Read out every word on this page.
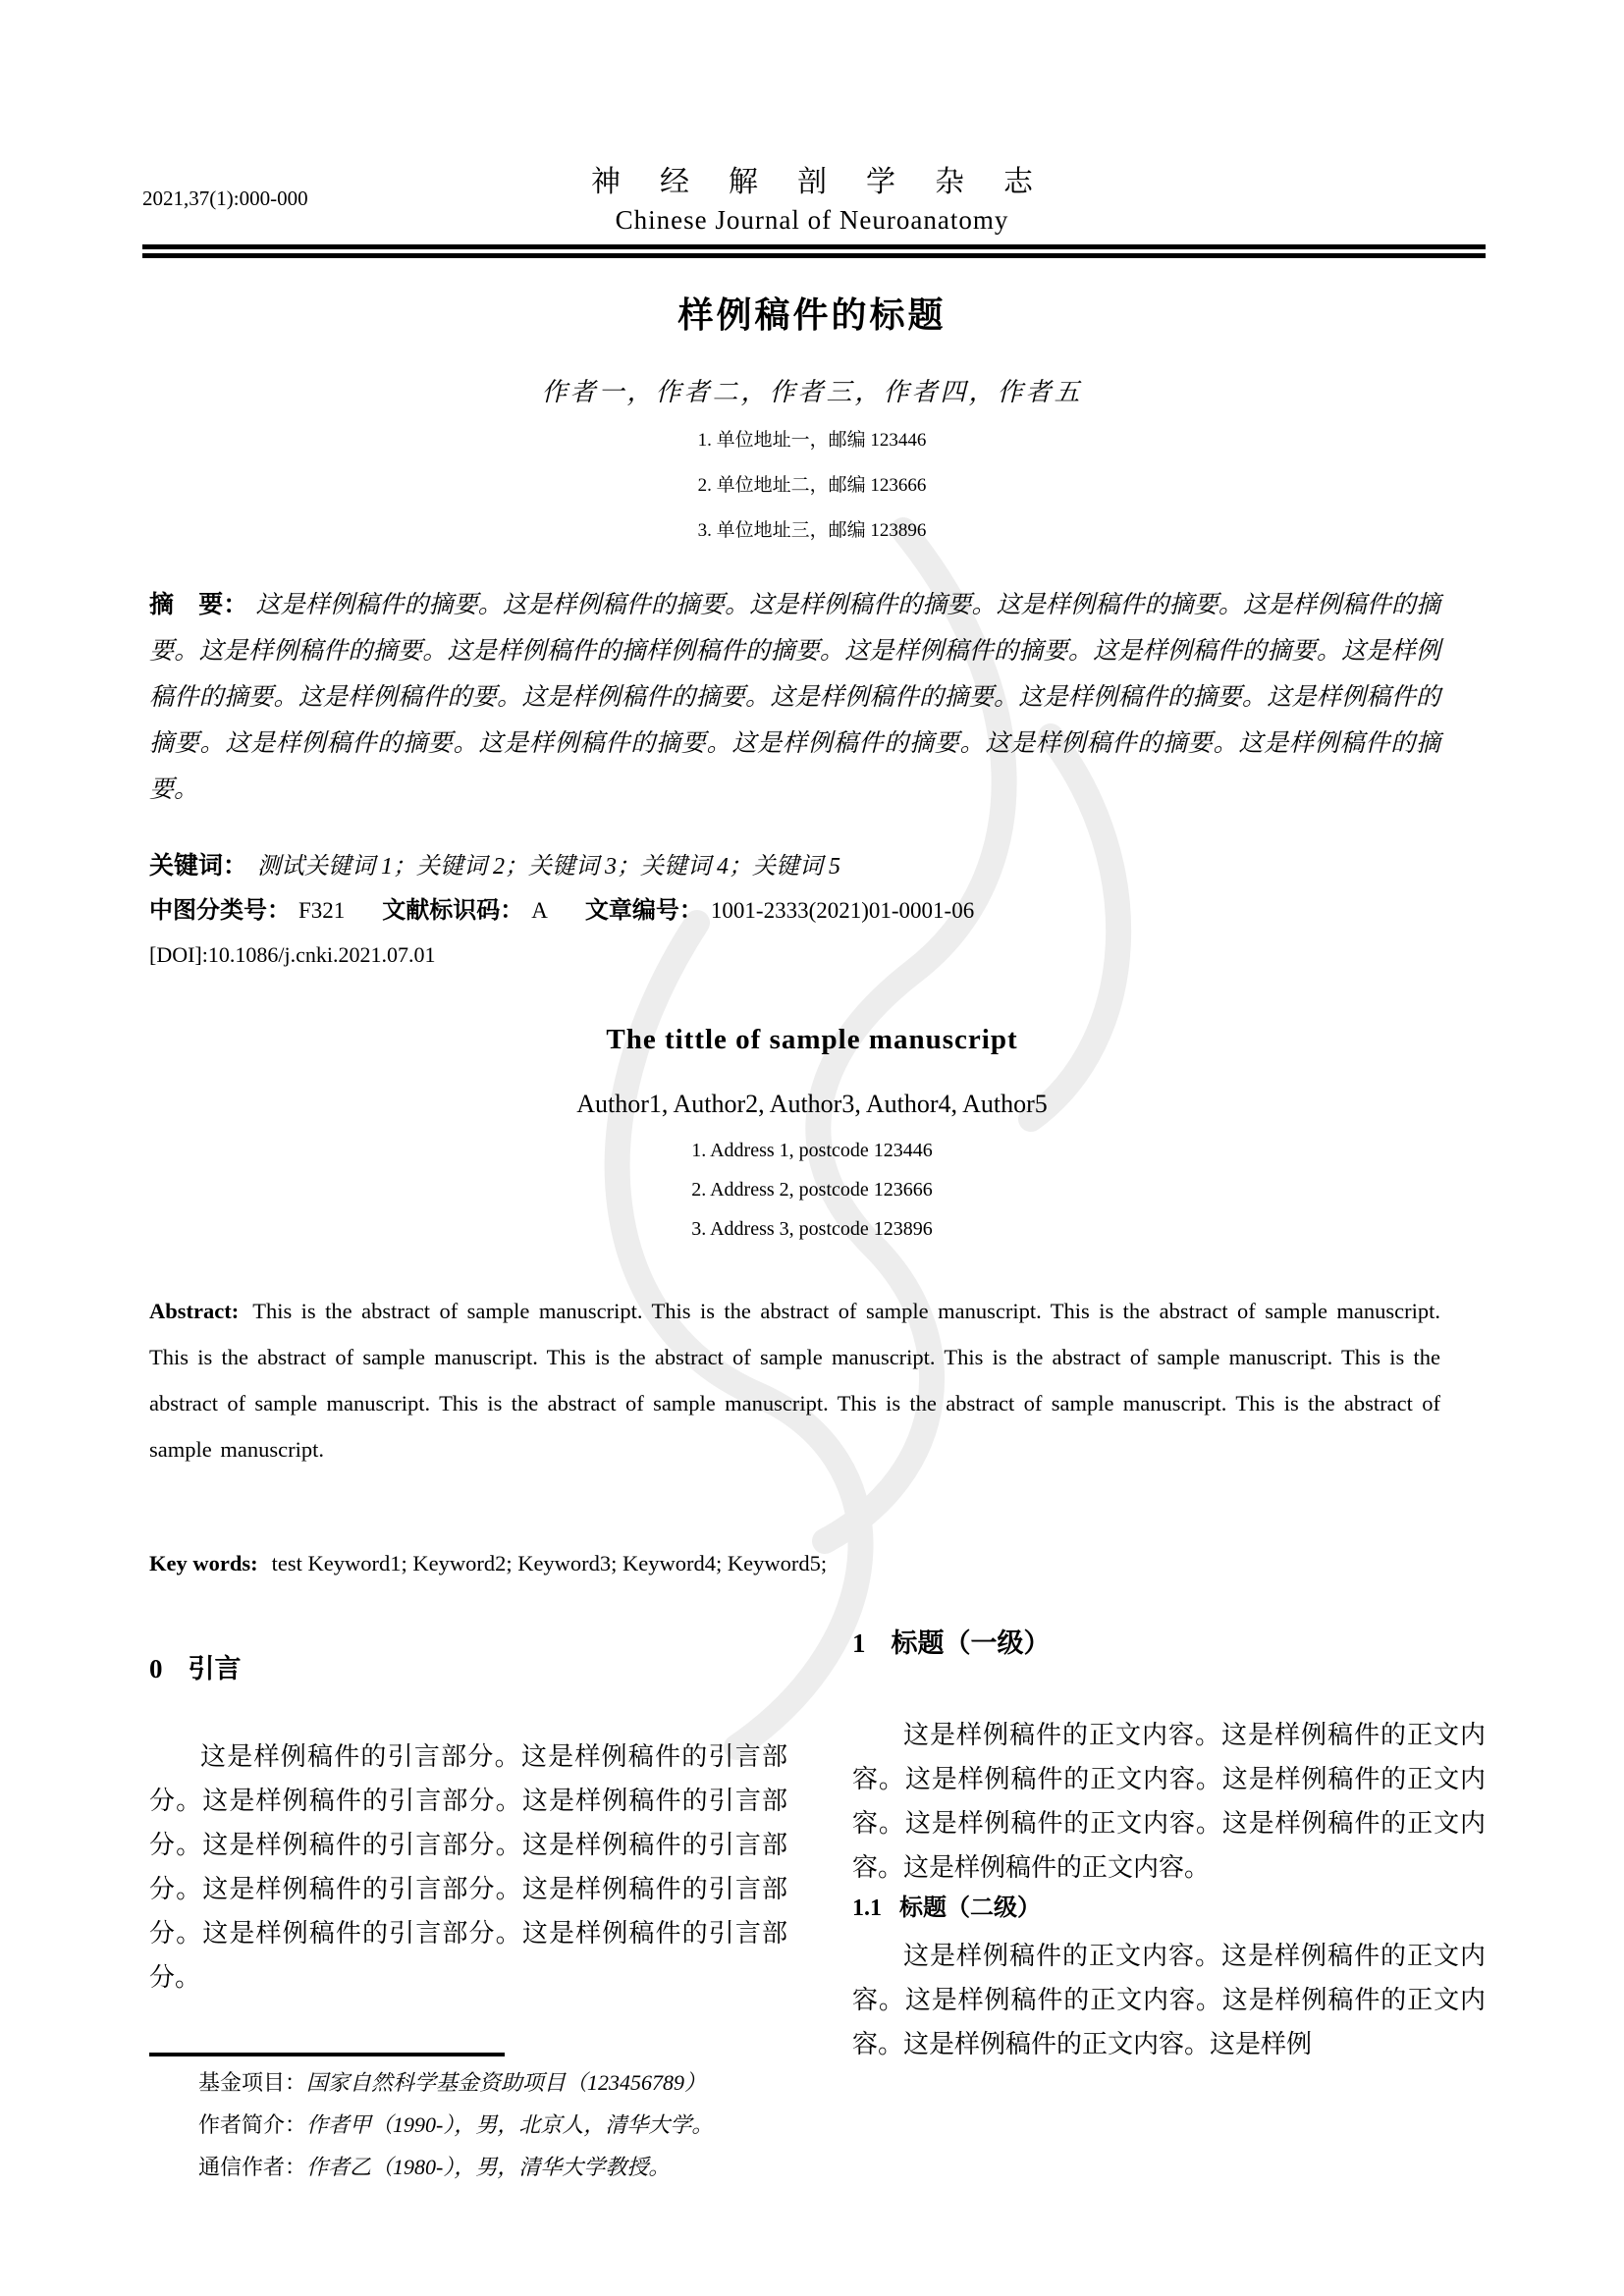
2021,37(1):000-000	神经解剖学杂志
Chinese Journal of Neuroanatomy
样例稿件的标题
作者一，作者二，作者三，作者四，作者五
1. 单位地址一，邮编 123446
2. 单位地址二，邮编 123666
3. 单位地址三，邮编 123896

摘　要： 这是样例稿件的摘要。这是样例稿件的摘要。这是样例稿件的摘要。这是样例稿件的摘要。这是样例稿件的摘要。这是样例稿件的摘要。这是样例稿件的摘样例稿件的摘要。这是样例稿件的摘要。这是样例稿件的摘要。这是样例稿件的摘要。这是样例稿件的要。这是样例稿件的摘要。这是样例稿件的摘要。这是样例稿件的摘要。这是样例稿件的摘要。这是样例稿件的摘要。这是样例稿件的摘要。这是样例稿件的摘要。这是样例稿件的摘要。这是样例稿件的摘要。

关键词： 测试关键词 1；关键词 2；关键词 3；关键词 4；关键词 5
中图分类号： F321 文献标识码： A 文章编号： 1001-2333(2021)01-0001-06
[DOI]:10.1086/j.cnki.2021.07.01
The tittle of sample manuscript
Author1, Author2, Author3, Author4, Author5
1. Address 1, postcode 123446
2. Address 2, postcode 123666
3. Address 3, postcode 123896

Abstract: This is the abstract of sample manuscript. This is the abstract of sample manuscript. This is the abstract of sample manuscript. This is the abstract of sample manuscript. This is the abstract of sample manuscript. This is the abstract of sample manuscript. This is the abstract of sample manuscript. This is the abstract of sample manuscript. This is the abstract of sample manuscript. This is the abstract of sample manuscript.

Key words: test Keyword1; Keyword2; Keyword3; Keyword4; Keyword5;
0 引言

这是样例稿件的引言部分。这是样例稿件的引言部分。这是样例稿件的引言部分。这是样例稿件的引言部分。这是样例稿件的引言部分。这是样例稿件的引言部分。这是样例稿件的引言部分。这是样例稿件的引言部分。这是样例稿件的引言部分。这是样例稿件的引言部分。

1 标题（一级）

这是样例稿件的正文内容。这是样例稿件的正文内容。这是样例稿件的正文内容。这是样例稿件的正文内容。这是样例稿件的正文内容。这是样例稿件的正文内容。这是样例稿件的正文内容。

1.1 标题（二级）

这是样例稿件的正文内容。这是样例稿件的正文内容。这是样例稿件的正文内容。这是样例稿件的正文内容。这是样例稿件的正文内容。这是样例

基金项目：国家自然科学基金资助项目（123456789）
作者简介：作者甲（1990-），男，北京人，清华大学。
通信作者：作者乙（1980-），男，清华大学教授。
